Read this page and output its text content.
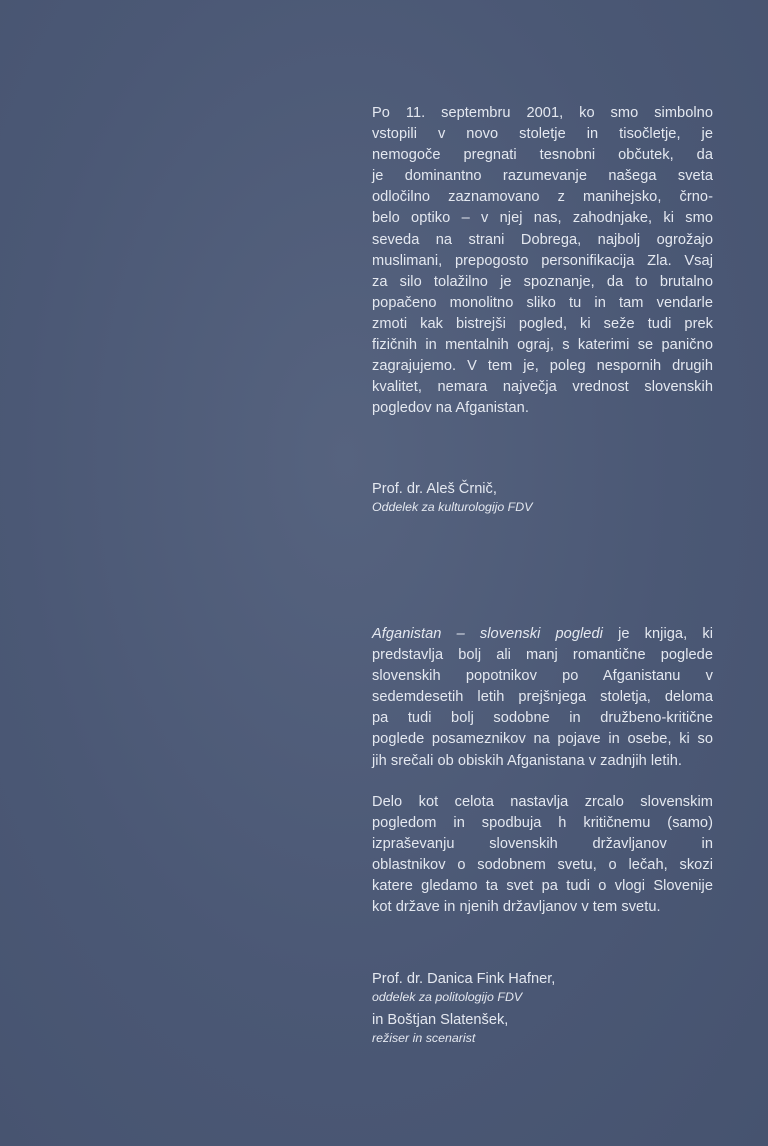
Po 11. septembru 2001, ko smo simbolno
vstopili v novo stoletje in tisočletje, je
nemogoče pregnati tesnobni občutek, da
je dominantno razumevanje našega sveta
odločilno zaznamovano z manihejsko, črno-
belo optiko – v njej nas, zahodnjake, ki smo
seveda na strani Dobrega, najbolj ogrožajo
muslimani, prepogosto personifikacija Zla. Vsaj
za silo tolažilno je spoznanje, da to brutalno
popačeno monolitno sliko tu in tam vendarle
zmoti kak bistrejši pogled, ki seže tudi prek
fizičnih in mentalnih ograj, s katerimi se panično
zagrajujemo. V tem je, poleg nespornih drugih
kvalitet, nemara največja vrednost slovenskih
pogledov na Afganistan.

Prof. dr. Aleš Črnič,

Oddelek za kulturologijo FDV

Afganistan – slovenski pogledi je knjiga, ki
predstavlja bolj ali manj romantične poglede
slovenskih popotnikov po Afganistanu v
sedemdesetih letih prejšnjega stoletja, deloma
pa tudi bolj sodobne in družbeno-kritične
poglede posameznikov na pojave in osebe, ki so
jih srečali ob obiskih Afganistana v zadnjih letih.

Delo kot celota nastavlja zrcalo slovenskim
pogledom in spodbuja h kritičnemu (samo)
izpraševanju slovenskih državljanov in
oblastnikov o sodobnem svetu, o lečah, skozi
katere gledamo ta svet pa tudi o vlogi Slovenije
kot države in njenih državljanov v tem svetu.

Prof. dr. Danica Fink Hafner,

oddelek za politologijo FDV

in Boštjan Slatenšek,

režiser in scenarist
